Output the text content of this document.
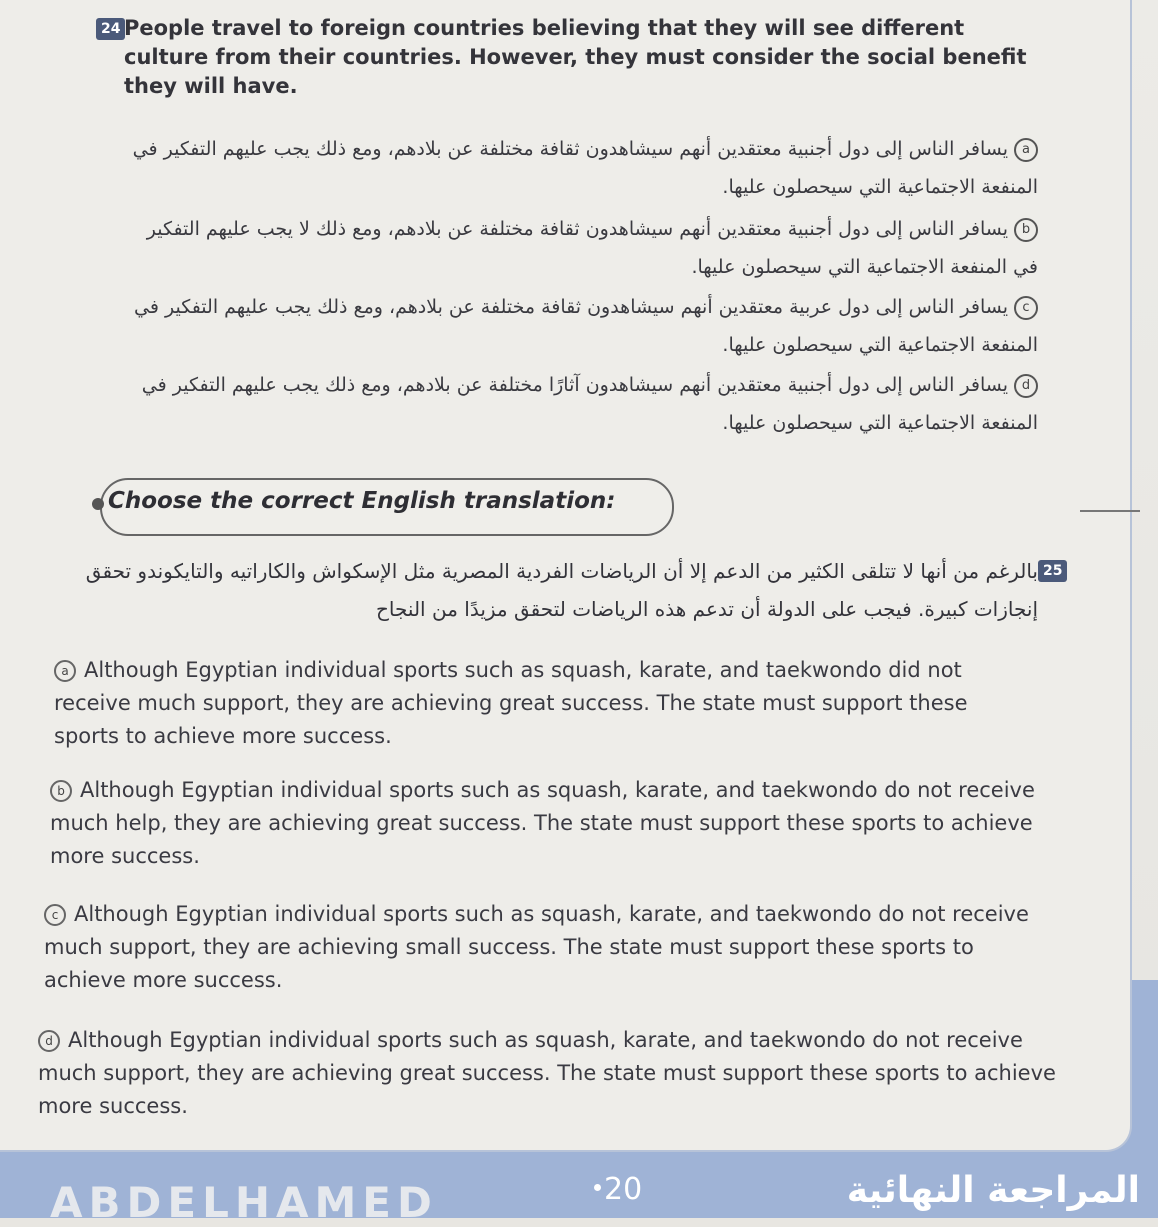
24 People travel to foreign countries believing that they will see different culture from their countries. However, they must consider the social benefit they will have.
aيسافر الناس إلى دول أجنبية معتقدين أنهم سيشاهدون ثقافة مختلفة عن بلادهم، ومع ذلك يجب عليهم التفكير في المنفعة الاجتماعية التي سيحصلون عليها.
bيسافر الناس إلى دول أجنبية معتقدين أنهم سيشاهدون ثقافة مختلفة عن بلادهم، ومع ذلك لا يجب عليهم التفكير في المنفعة الاجتماعية التي سيحصلون عليها.
cيسافر الناس إلى دول عربية معتقدين أنهم سيشاهدون ثقافة مختلفة عن بلادهم، ومع ذلك يجب عليهم التفكير في المنفعة الاجتماعية التي سيحصلون عليها.
dيسافر الناس إلى دول أجنبية معتقدين أنهم سيشاهدون آثارًا مختلفة عن بلادهم، ومع ذلك يجب عليهم التفكير في المنفعة الاجتماعية التي سيحصلون عليها.
Choose the correct English translation:
25
بالرغم من أنها لا تتلقى الكثير من الدعم إلا أن الرياضات الفردية المصرية مثل الإسكواش والكاراتيه والتايكوندو تحقق إنجازات كبيرة. فيجب على الدولة أن تدعم هذه الرياضات لتحقق مزيدًا من النجاح
a Although Egyptian individual sports such as squash, karate, and taekwondo did not receive much support, they are achieving great success. The state must support these sports to achieve more success.
b Although Egyptian individual sports such as squash, karate, and taekwondo do not receive much help, they are achieving great success. The state must support these sports to achieve more success.
c Although Egyptian individual sports such as squash, karate, and taekwondo do not receive much support, they are achieving small success. The state must support these sports to achieve more success.
d Although Egyptian individual sports such as squash, karate, and taekwondo do not receive much support, they are achieving great success. The state must support these sports to achieve more success.
ABDELHAMED	20	المراجعة النهائية
